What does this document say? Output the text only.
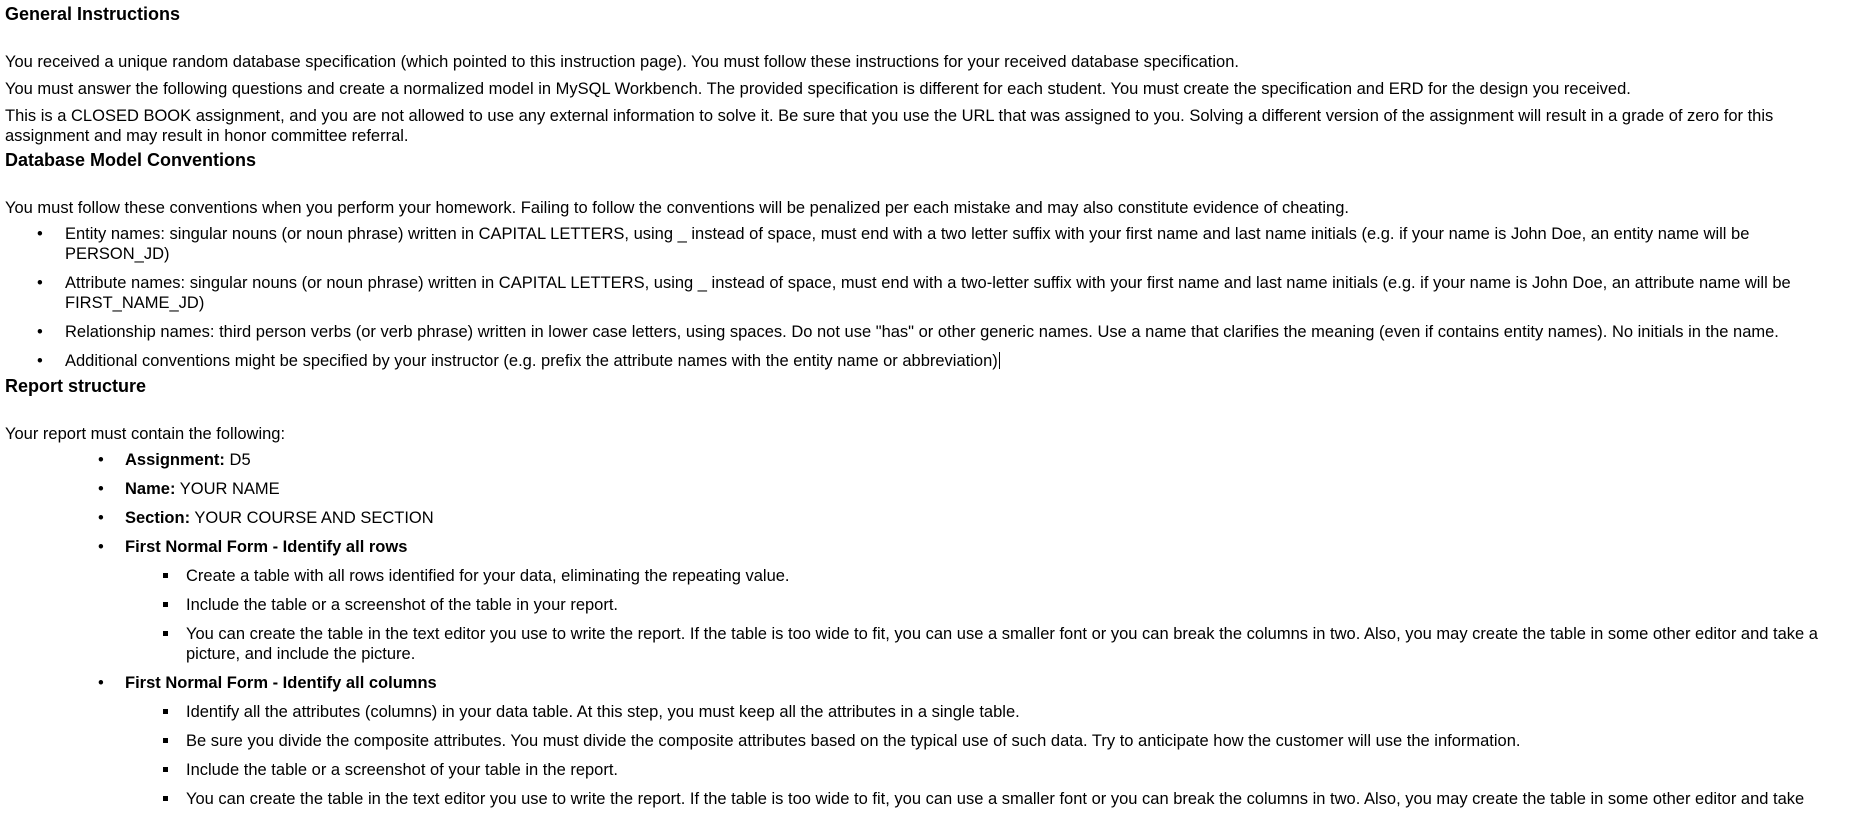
General Instructions

You received a unique random database specification (which pointed to this instruction page). You must follow these instructions for your received database specification.

You must answer the following questions and create a normalized model in MySQL Workbench. The provided specification is different for each student. You must create the specification and ERD for the design you received.

This is a CLOSED BOOK assignment, and you are not allowed to use any external information to solve it. Be sure that you use the URL that was assigned to you. Solving a different version of the assignment will result in a grade of zero for this assignment and may result in honor committee referral.

Database Model Conventions

You must follow these conventions when you perform your homework. Failing to follow the conventions will be penalized per each mistake and may also constitute evidence of cheating.

• Entity names: singular nouns (or noun phrase) written in CAPITAL LETTERS, using _ instead of space, must end with a two letter suffix with your first name and last name initials (e.g. if your name is John Doe, an entity name will be PERSON_JD)
• Attribute names: singular nouns (or noun phrase) written in CAPITAL LETTERS, using _ instead of space, must end with a two-letter suffix with your first name and last name initials (e.g. if your name is John Doe, an attribute name will be FIRST_NAME_JD)
• Relationship names: third person verbs (or verb phrase) written in lower case letters, using spaces. Do not use "has" or other generic names. Use a name that clarifies the meaning (even if contains entity names). No initials in the name.
• Additional conventions might be specified by your instructor (e.g. prefix the attribute names with the entity name or abbreviation)
Report structure

Your report must contain the following:

• Assignment: D5
• Name: YOUR NAME
• Section: YOUR COURSE AND SECTION
• First Normal Form - Identify all rows
Create a table with all rows identified for your data, eliminating the repeating value.
Include the table or a screenshot of the table in your report.
You can create the table in the text editor you use to write the report. If the table is too wide to fit, you can use a smaller font or you can break the columns in two. Also, you may create the table in some other editor and take a picture, and include the picture.
• First Normal Form - Identify all columns
Identify all the attributes (columns) in your data table. At this step, you must keep all the attributes in a single table.
Be sure you divide the composite attributes. You must divide the composite attributes based on the typical use of such data. Try to anticipate how the customer will use the information.
Include the table or a screenshot of your table in the report.
You can create the table in the text editor you use to write the report. If the table is too wide to fit, you can use a smaller font or you can break the columns in two. Also, you may create the table in some other editor and take
